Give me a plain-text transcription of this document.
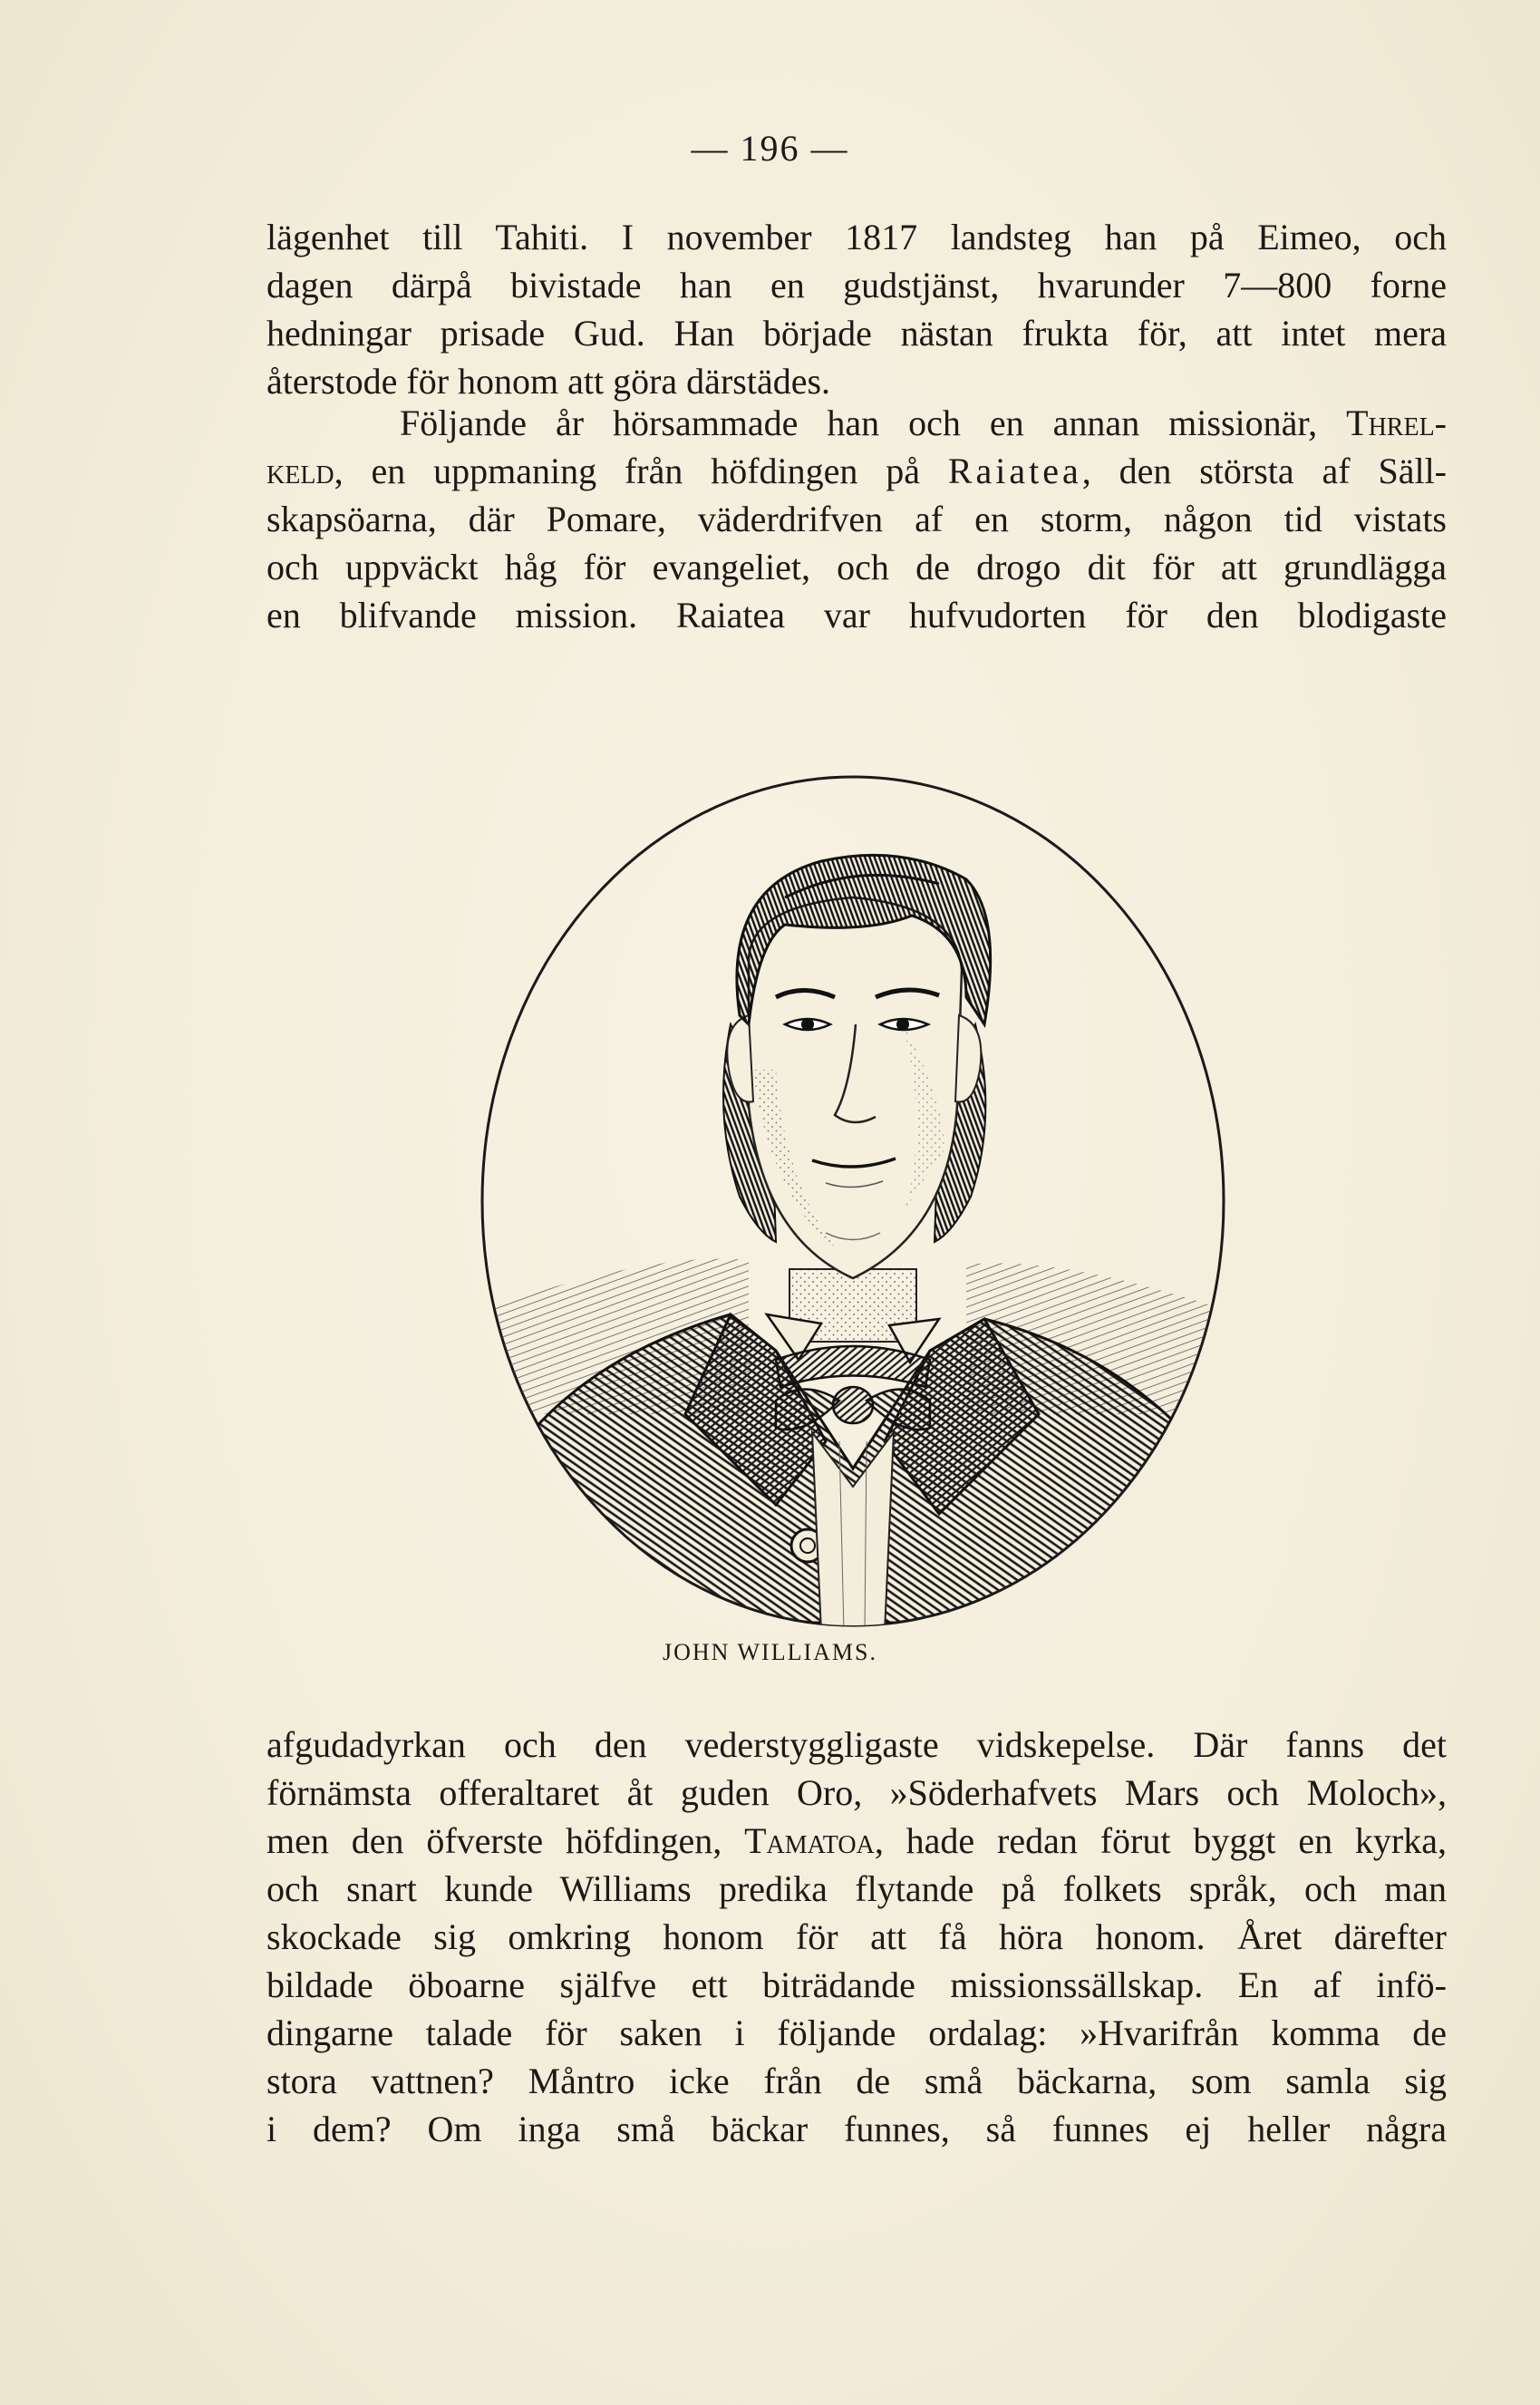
— 196 —
lägenhet till Tahiti. I november 1817 landsteg han på Eimeo, och
dagen därpå bivistade han en gudstjänst, hvarunder 7—800 forne
hedningar prisade Gud. Han började nästan frukta för, att intet mera
återstode för honom att göra därstädes.
Följande år hörsammade han och en annan missionär, Threl-
keld, en uppmaning från höfdingen på Raiatea, den största af Säll-
skapsöarna, där Pomare, väderdrifven af en storm, någon tid vistats
och uppväckt håg för evangeliet, och de drogo dit för att grundlägga
en blifvande mission. Raiatea var hufvudorten för den blodigaste
JOHN WILLIAMS.
afgudadyrkan och den vederstyggligaste vidskepelse. Där fanns det
förnämsta offeraltaret åt guden Oro, »Söderhafvets Mars och Moloch»,
men den öfverste höfdingen, Tamatoa, hade redan förut byggt en kyrka,
och snart kunde Williams predika flytande på folkets språk, och man
skockade sig omkring honom för att få höra honom. Året därefter
bildade öboarne själfve ett biträdande missionssällskap. En af infö-
dingarne talade för saken i följande ordalag: »Hvarifrån komma de
stora vattnen? Måntro icke från de små bäckarna, som samla sig
i dem? Om inga små bäckar funnes, så funnes ej heller några
